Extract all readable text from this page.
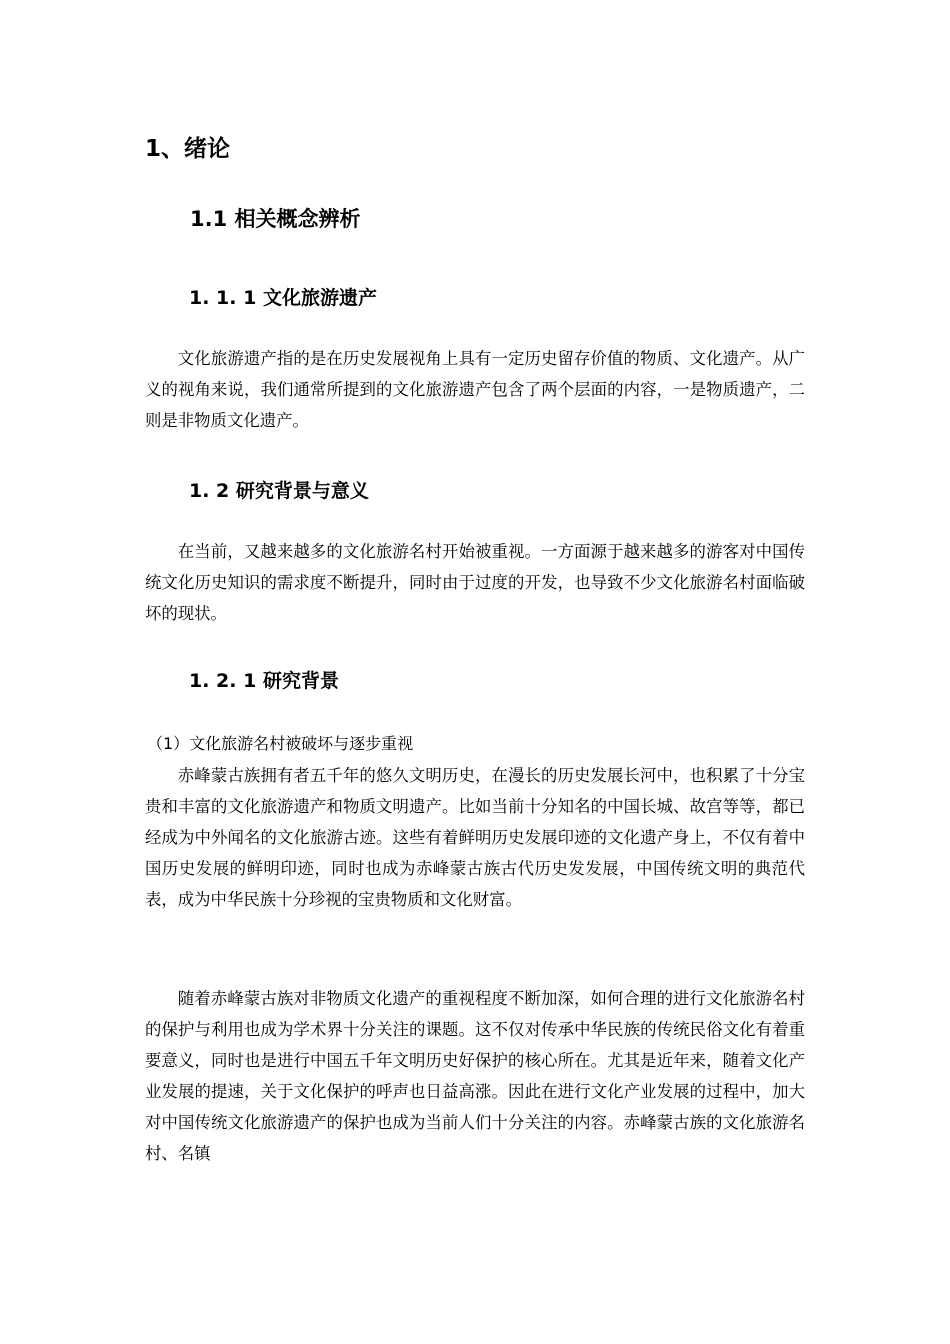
1、绪论
1.1 相关概念辨析
1. 1. 1 文化旅游遗产

文化旅游遗产指的是在历史发展视角上具有一定历史留存价值的物质、文化遗产。从广义的视角来说，我们通常所提到的文化旅游遗产包含了两个层面的内容，一是物质遗产，二则是非物质文化遗产。

1. 2 研究背景与意义

在当前，又越来越多的文化旅游名村开始被重视。一方面源于越来越多的游客对中国传统文化历史知识的需求度不断提升，同时由于过度的开发，也导致不少文化旅游名村面临破坏的现状。

1. 2. 1 研究背景
（1）文化旅游名村被破坏与逐步重视

赤峰蒙古族拥有者五千年的悠久文明历史，在漫长的历史发展长河中，也积累了十分宝贵和丰富的文化旅游遗产和物质文明遗产。比如当前十分知名的中国长城、故宫等等，都已经成为中外闻名的文化旅游古迹。这些有着鲜明历史发展印迹的文化遗产身上，不仅有着中国历史发展的鲜明印迹，同时也成为赤峰蒙古族古代历史发发展，中国传统文明的典范代表，成为中华民族十分珍视的宝贵物质和文化财富。

随着赤峰蒙古族对非物质文化遗产的重视程度不断加深，如何合理的进行文化旅游名村的保护与利用也成为学术界十分关注的课题。这不仅对传承中华民族的传统民俗文化有着重要意义，同时也是进行中国五千年文明历史好保护的核心所在。尤其是近年来，随着文化产业发展的提速，关于文化保护的呼声也日益高涨。因此在进行文化产业发展的过程中，加大对中国传统文化旅游遗产的保护也成为当前人们十分关注的内容。赤峰蒙古族的文化旅游名村、名镇
